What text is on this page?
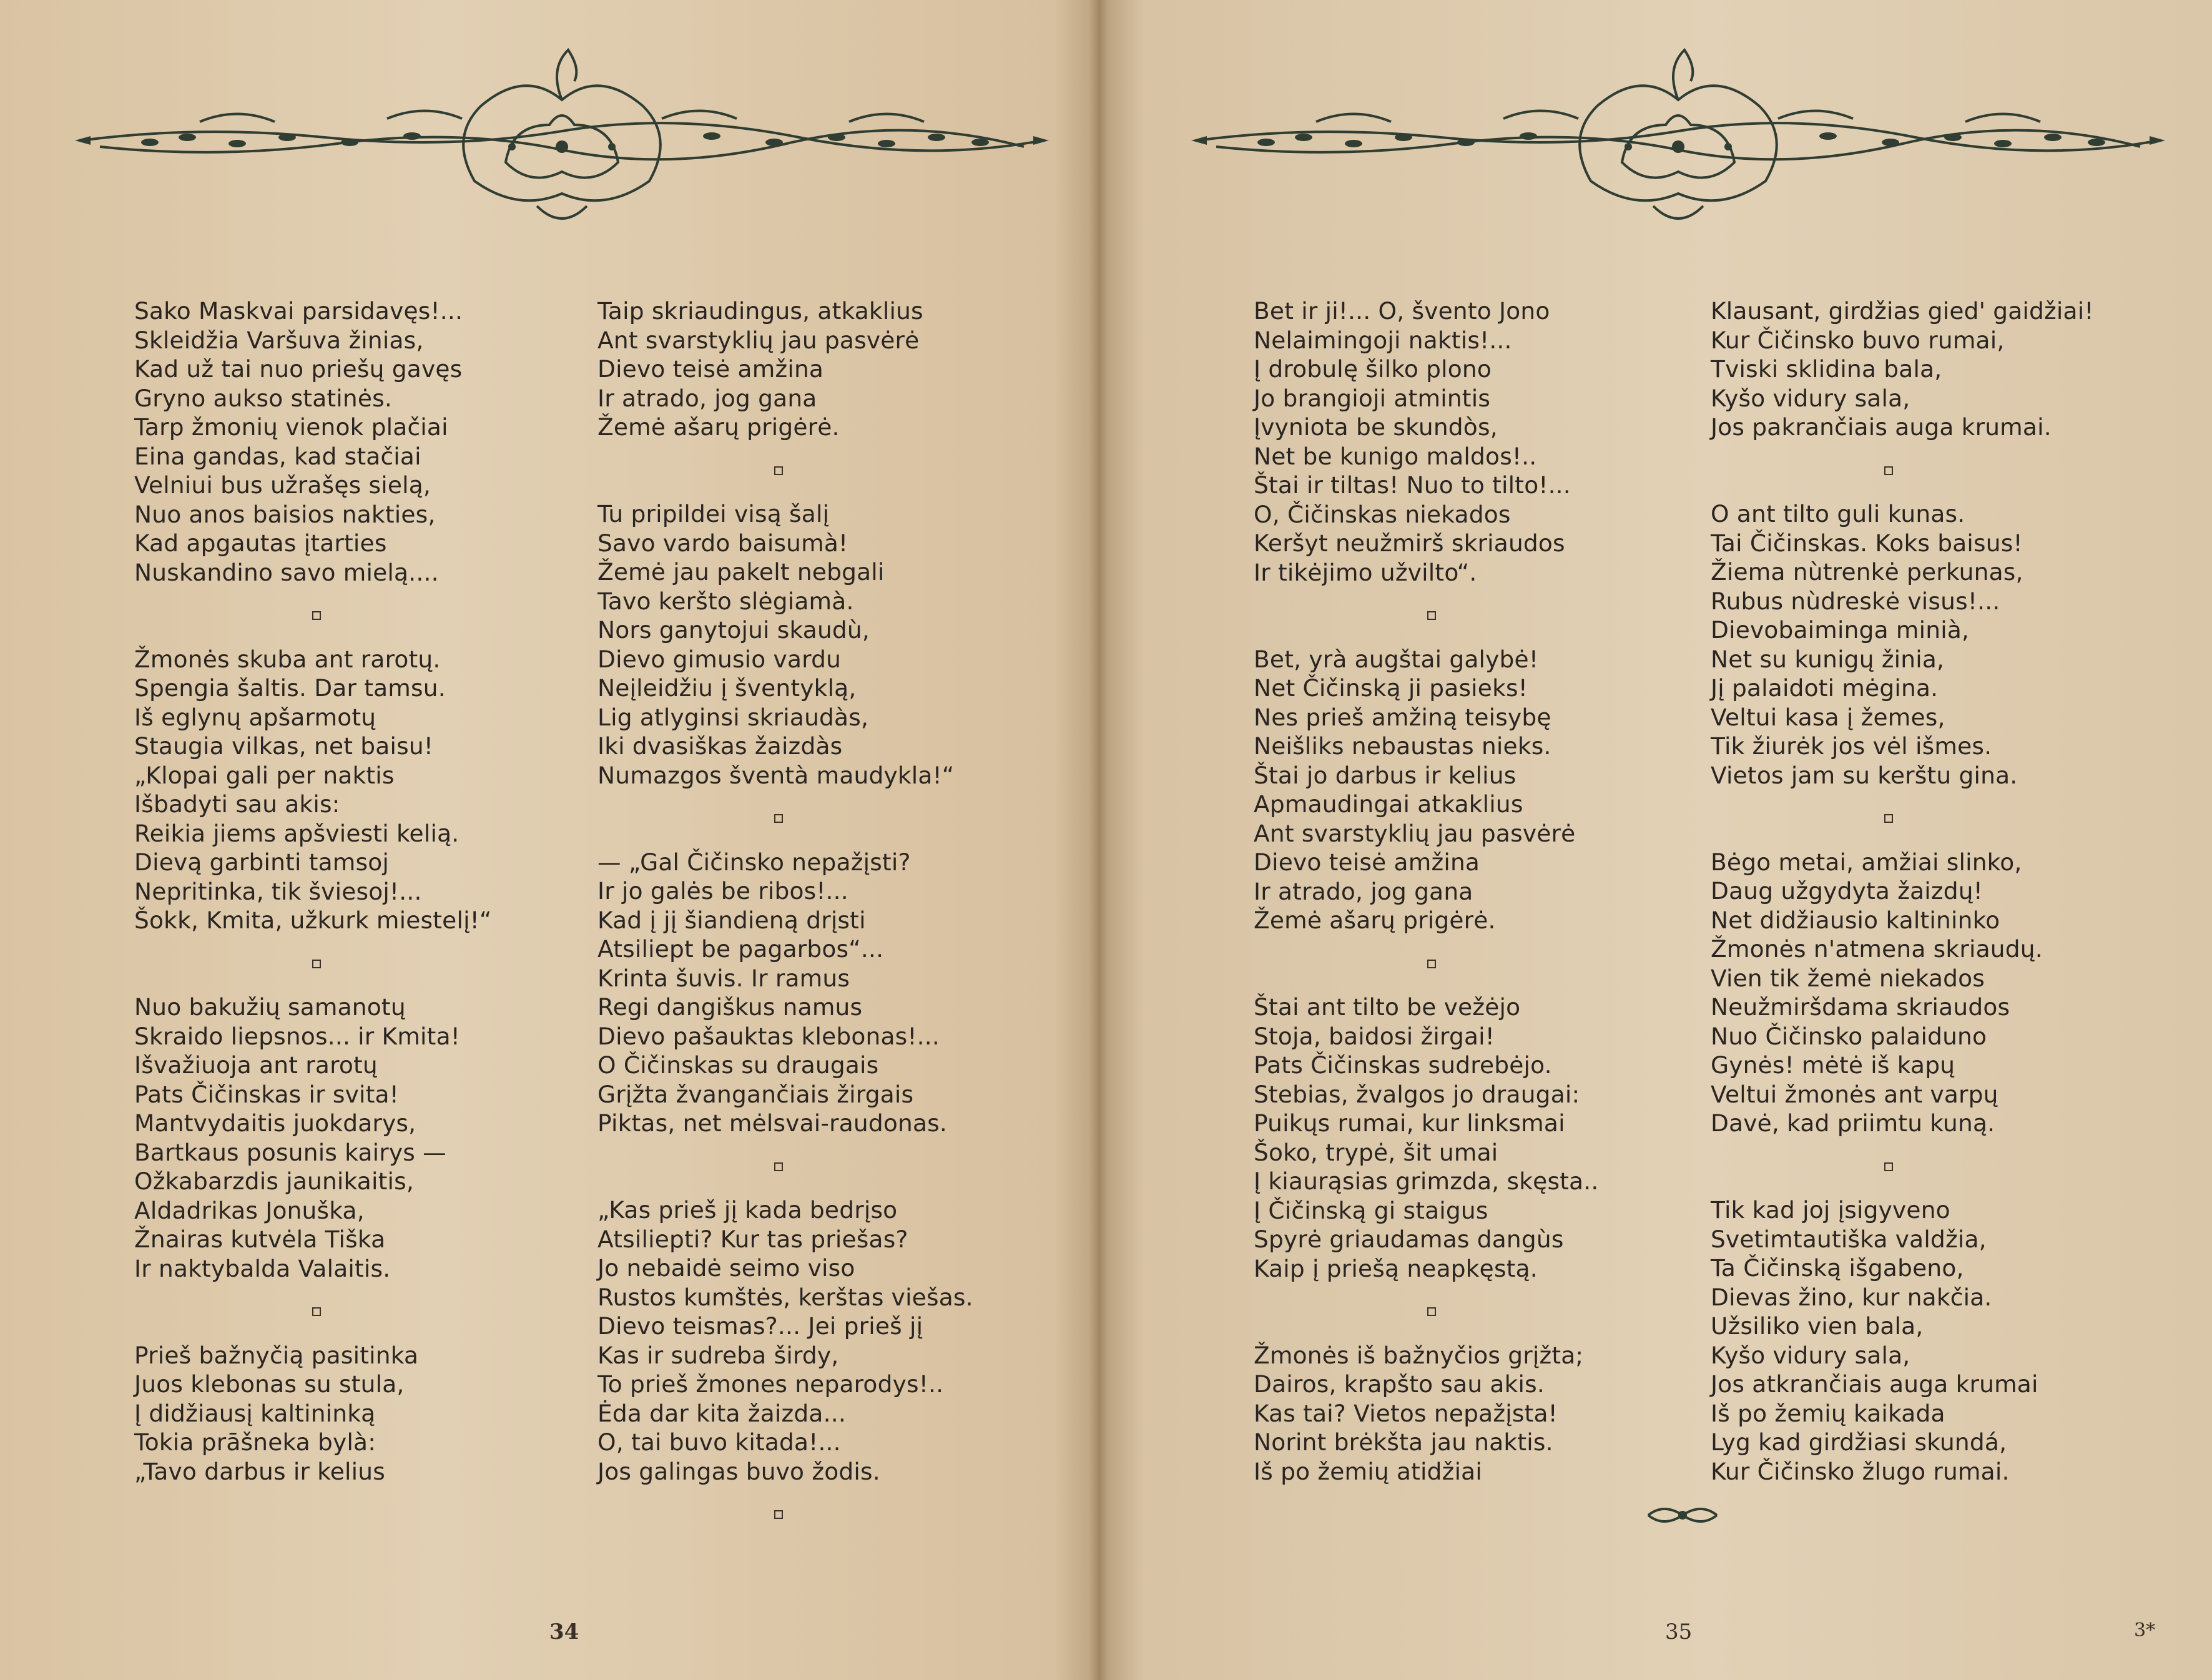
Sako Maskvai parsidavęs!...
Skleidžia Varšuva žinias,
Kad už tai nuo priešų gavęs
Gryno aukso statinės.
Tarp žmonių vienok plačiai
Eina gandas, kad stačiai
Velniui bus užrašęs sielą,
Nuo anos baisios nakties,
Kad apgautas įtarties
Nuskandino savo mielą....
Žmonės skuba ant rarotų.
Spengia šaltis. Dar tamsu.
Iš eglynų apšarmotų
Staugia vilkas, net baisu!
„Klopai gali per naktis
Išbadyti sau akis:
Reikia jiems apšviesti kelią.
Dievą garbinti tamsoj
Nepritinka, tik šviesoj!...
Šokk, Kmita, užkurk miestelį!“
Nuo bakužių samanotų
Skraido liepsnos... ir Kmita!
Išvažiuoja ant rarotų
Pats Čičinskas ir svita!
Mantvydaitis juokdarys,
Bartkaus posunis kairys —
Ožkabarzdis jaunikaitis,
Aldadrikas Jonuška,
Žnairas kutvėla Tiška
Ir naktybalda Valaitis.
Prieš bažnyčią pasitinka
Juos klebonas su stula,
Į didžiausį kaltininką
Tokia prāšneka bylà:
„Tavo darbus ir kelius
Taip skriaudingus, atkaklius
Ant svarstyklių jau pasvėrė
Dievo teisė amžina
Ir atrado, jog gana
Žemė ašarų prigėrė.
Tu pripildei visą šalį
Savo vardo baisumà!
Žemė jau pakelt nebgali
Tavo keršto slėgiamà.
Nors ganytojui skaudù,
Dievo gimusio vardu
Neįleidžiu į šventyklą,
Lig atlyginsi skriaudàs,
Iki dvasiškas žaizdàs
Numazgos šventà maudykla!“
— „Gal Čičinsko nepažįsti?
Ir jo galės be ribos!...
Kad į jį šiandieną drįsti
Atsiliept be pagarbos“...
Krinta šuvis. Ir ramus
Regi dangiškus namus
Dievo pašauktas klebonas!...
O Čičinskas su draugais
Grįžta žvangančiais žirgais
Piktas, net mėlsvai-raudonas.
„Kas prieš jį kada bedrįso
Atsiliepti? Kur tas priešas?
Jo nebaidė seimo viso
Rustos kumštės, kerštas viešas.
Dievo teismas?... Jei prieš jį
Kas ir sudreba širdy,
To prieš žmones neparodys!..
Ėda dar kita žaizda...
O, tai buvo kitada!...
Jos galingas buvo žodis.
34
Bet ir ji!... O, švento Jono
Nelaimingoji naktis!...
Į drobulę šilko plono
Jo brangioji atmintis
Įvyniota be skundòs,
Net be kunigo maldos!..
Štai ir tiltas! Nuo to tilto!...
O, Čičinskas niekados
Keršyt neužmirš skriaudos
Ir tikėjimo užvilto“.
Bet, yrà augštai galybė!
Net Čičinską ji pasieks!
Nes prieš amžiną teisybę
Neišliks nebaustas nieks.
Štai jo darbus ir kelius
Apmaudingai atkaklius
Ant svarstyklių jau pasvėrė
Dievo teisė amžina
Ir atrado, jog gana
Žemė ašarų prigėrė.
Štai ant tilto be vežėjo
Stoja, baidosi žirgai!
Pats Čičinskas sudrebėjo.
Stebias, žvalgos jo draugai:
Puikųs rumai, kur linksmai
Šoko, trypė, šit umai
Į kiaurąsias grimzda, skęsta..
Į Čičinską gi staigus
Spyrė griaudamas dangùs
Kaip į priešą neapkęstą.
Žmonės iš bažnyčios grįžta;
Dairos, krapšto sau akis.
Kas tai? Vietos nepažįsta!
Norint brėkšta jau naktis.
Iš po žemių atidžiai
Klausant, girdžias gied' gaidžiai!
Kur Čičinsko buvo rumai,
Tviski sklidina bala,
Kyšo vidury sala,
Jos pakrančiais auga krumai.
O ant tilto guli kunas.
Tai Čičinskas. Koks baisus!
Žiema nùtrenkė perkunas,
Rubus nùdreskė visus!...
Dievobaiminga minià,
Net su kunigų žinia,
Jį palaidoti mėgina.
Veltui kasa į žemes,
Tik žiurėk jos vėl išmes.
Vietos jam su kerštu gina.
Bėgo metai, amžiai slinko,
Daug užgydyta žaizdų!
Net didžiausio kaltininko
Žmonės n'atmena skriaudų.
Vien tik žemė niekados
Neužmiršdama skriaudos
Nuo Čičinsko palaiduno
Gynės! mėtė iš kapų
Veltui žmonės ant varpų
Davė, kad priimtu kuną.
Tik kad joj įsigyveno
Svetimtautiška valdžia,
Ta Čičinską išgabeno,
Dievas žino, kur nakčia.
Užsiliko vien bala,
Kyšo vidury sala,
Jos atkrančiais auga krumai
Iš po žemių kaikada
Lyg kad girdžiasi skundá,
Kur Čičinsko žlugo rumai.
35	3*
